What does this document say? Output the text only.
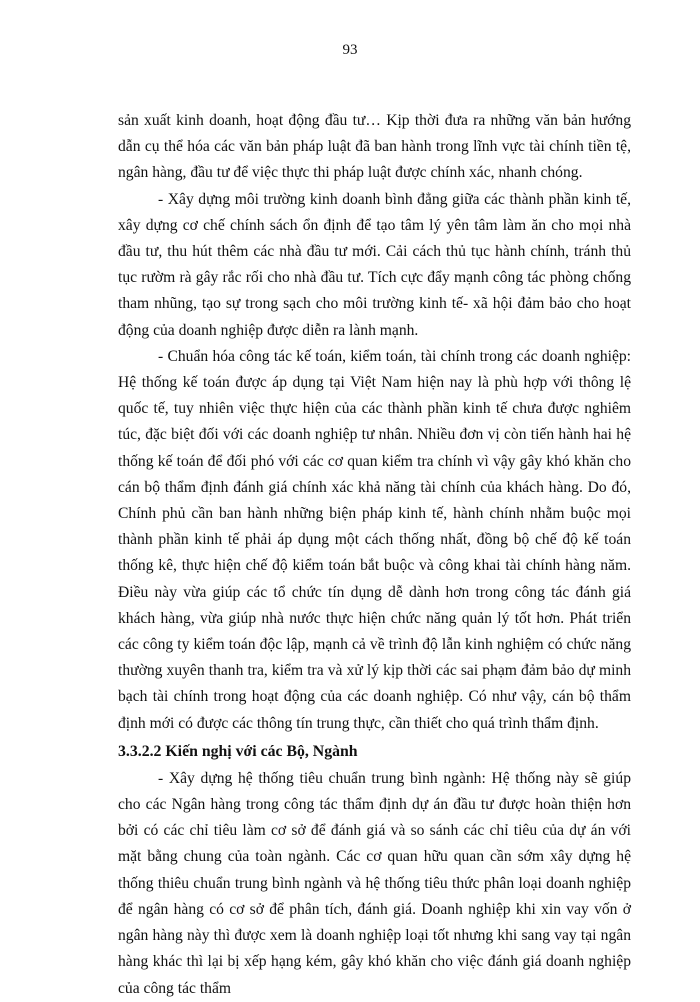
93

sản xuất kinh doanh, hoạt động đầu tư… Kịp thời đưa ra những văn bản hướng dẫn cụ thể hóa các văn bản pháp luật đã ban hành trong lĩnh vực tài chính tiền tệ, ngân hàng, đầu tư để việc thực thi pháp luật được chính xác, nhanh chóng.

- Xây dựng môi trường kinh doanh bình đẳng giữa các thành phần kinh tế, xây dựng cơ chế chính sách ổn định để tạo tâm lý yên tâm làm ăn cho mọi nhà đầu tư, thu hút thêm các nhà đầu tư mới. Cải cách thủ tục hành chính, tránh thủ tục rườm rà gây rắc rối cho nhà đầu tư. Tích cực đẩy mạnh công tác phòng chống tham nhũng, tạo sự trong sạch cho môi trường kinh tế- xã hội đảm bảo cho hoạt động của doanh nghiệp được diễn ra lành mạnh.

- Chuẩn hóa công tác kế toán, kiểm toán, tài chính trong các doanh nghiệp: Hệ thống kế toán được áp dụng tại Việt Nam hiện nay là phù hợp với thông lệ quốc tế, tuy nhiên việc thực hiện của các thành phần kinh tế chưa được nghiêm túc, đặc biệt đối với các doanh nghiệp tư nhân. Nhiều đơn vị còn tiến hành hai hệ thống kế toán để đối phó với các cơ quan kiểm tra chính vì vậy gây khó khăn cho cán bộ thẩm định đánh giá chính xác khả năng tài chính của khách hàng. Do đó, Chính phủ cần ban hành những biện pháp kinh tế, hành chính nhằm buộc mọi thành phần kinh tế phải áp dụng một cách thống nhất, đồng bộ chế độ kế toán thống kê, thực hiện chế độ kiểm toán bắt buộc và công khai tài chính hàng năm. Điều này vừa giúp các tổ chức tín dụng dễ dành hơn trong công tác đánh giá khách hàng, vừa giúp nhà nước thực hiện chức năng quản lý tốt hơn. Phát triển các công ty kiểm toán độc lập, mạnh cả về trình độ lẫn kinh nghiệm có chức năng thường xuyên thanh tra, kiểm tra và xử lý kịp thời các sai phạm đảm bảo dự minh bạch tài chính trong hoạt động của các doanh nghiệp. Có như vậy, cán bộ thẩm định mới có được các thông tín trung thực, cần thiết cho quá trình thẩm định.

3.3.2.2 Kiến nghị với các Bộ, Ngành

- Xây dựng hệ thống tiêu chuẩn trung bình ngành: Hệ thống này sẽ giúp cho các Ngân hàng trong công tác thẩm định dự án đầu tư được hoàn thiện hơn bởi có các chỉ tiêu làm cơ sở để đánh giá và so sánh các chỉ tiêu của dự án với mặt bằng chung của toàn ngành. Các cơ quan hữu quan cần sớm xây dựng hệ thống thiêu chuẩn trung bình ngành và hệ thống tiêu thức phân loại doanh nghiệp để ngân hàng có cơ sở để phân tích, đánh giá. Doanh nghiệp khi xin vay vốn ở ngân hàng này thì được xem là doanh nghiệp loại tốt nhưng khi sang vay tại ngân hàng khác thì lại bị xếp hạng kém, gây khó khăn cho việc đánh giá doanh nghiệp của công tác thẩm
